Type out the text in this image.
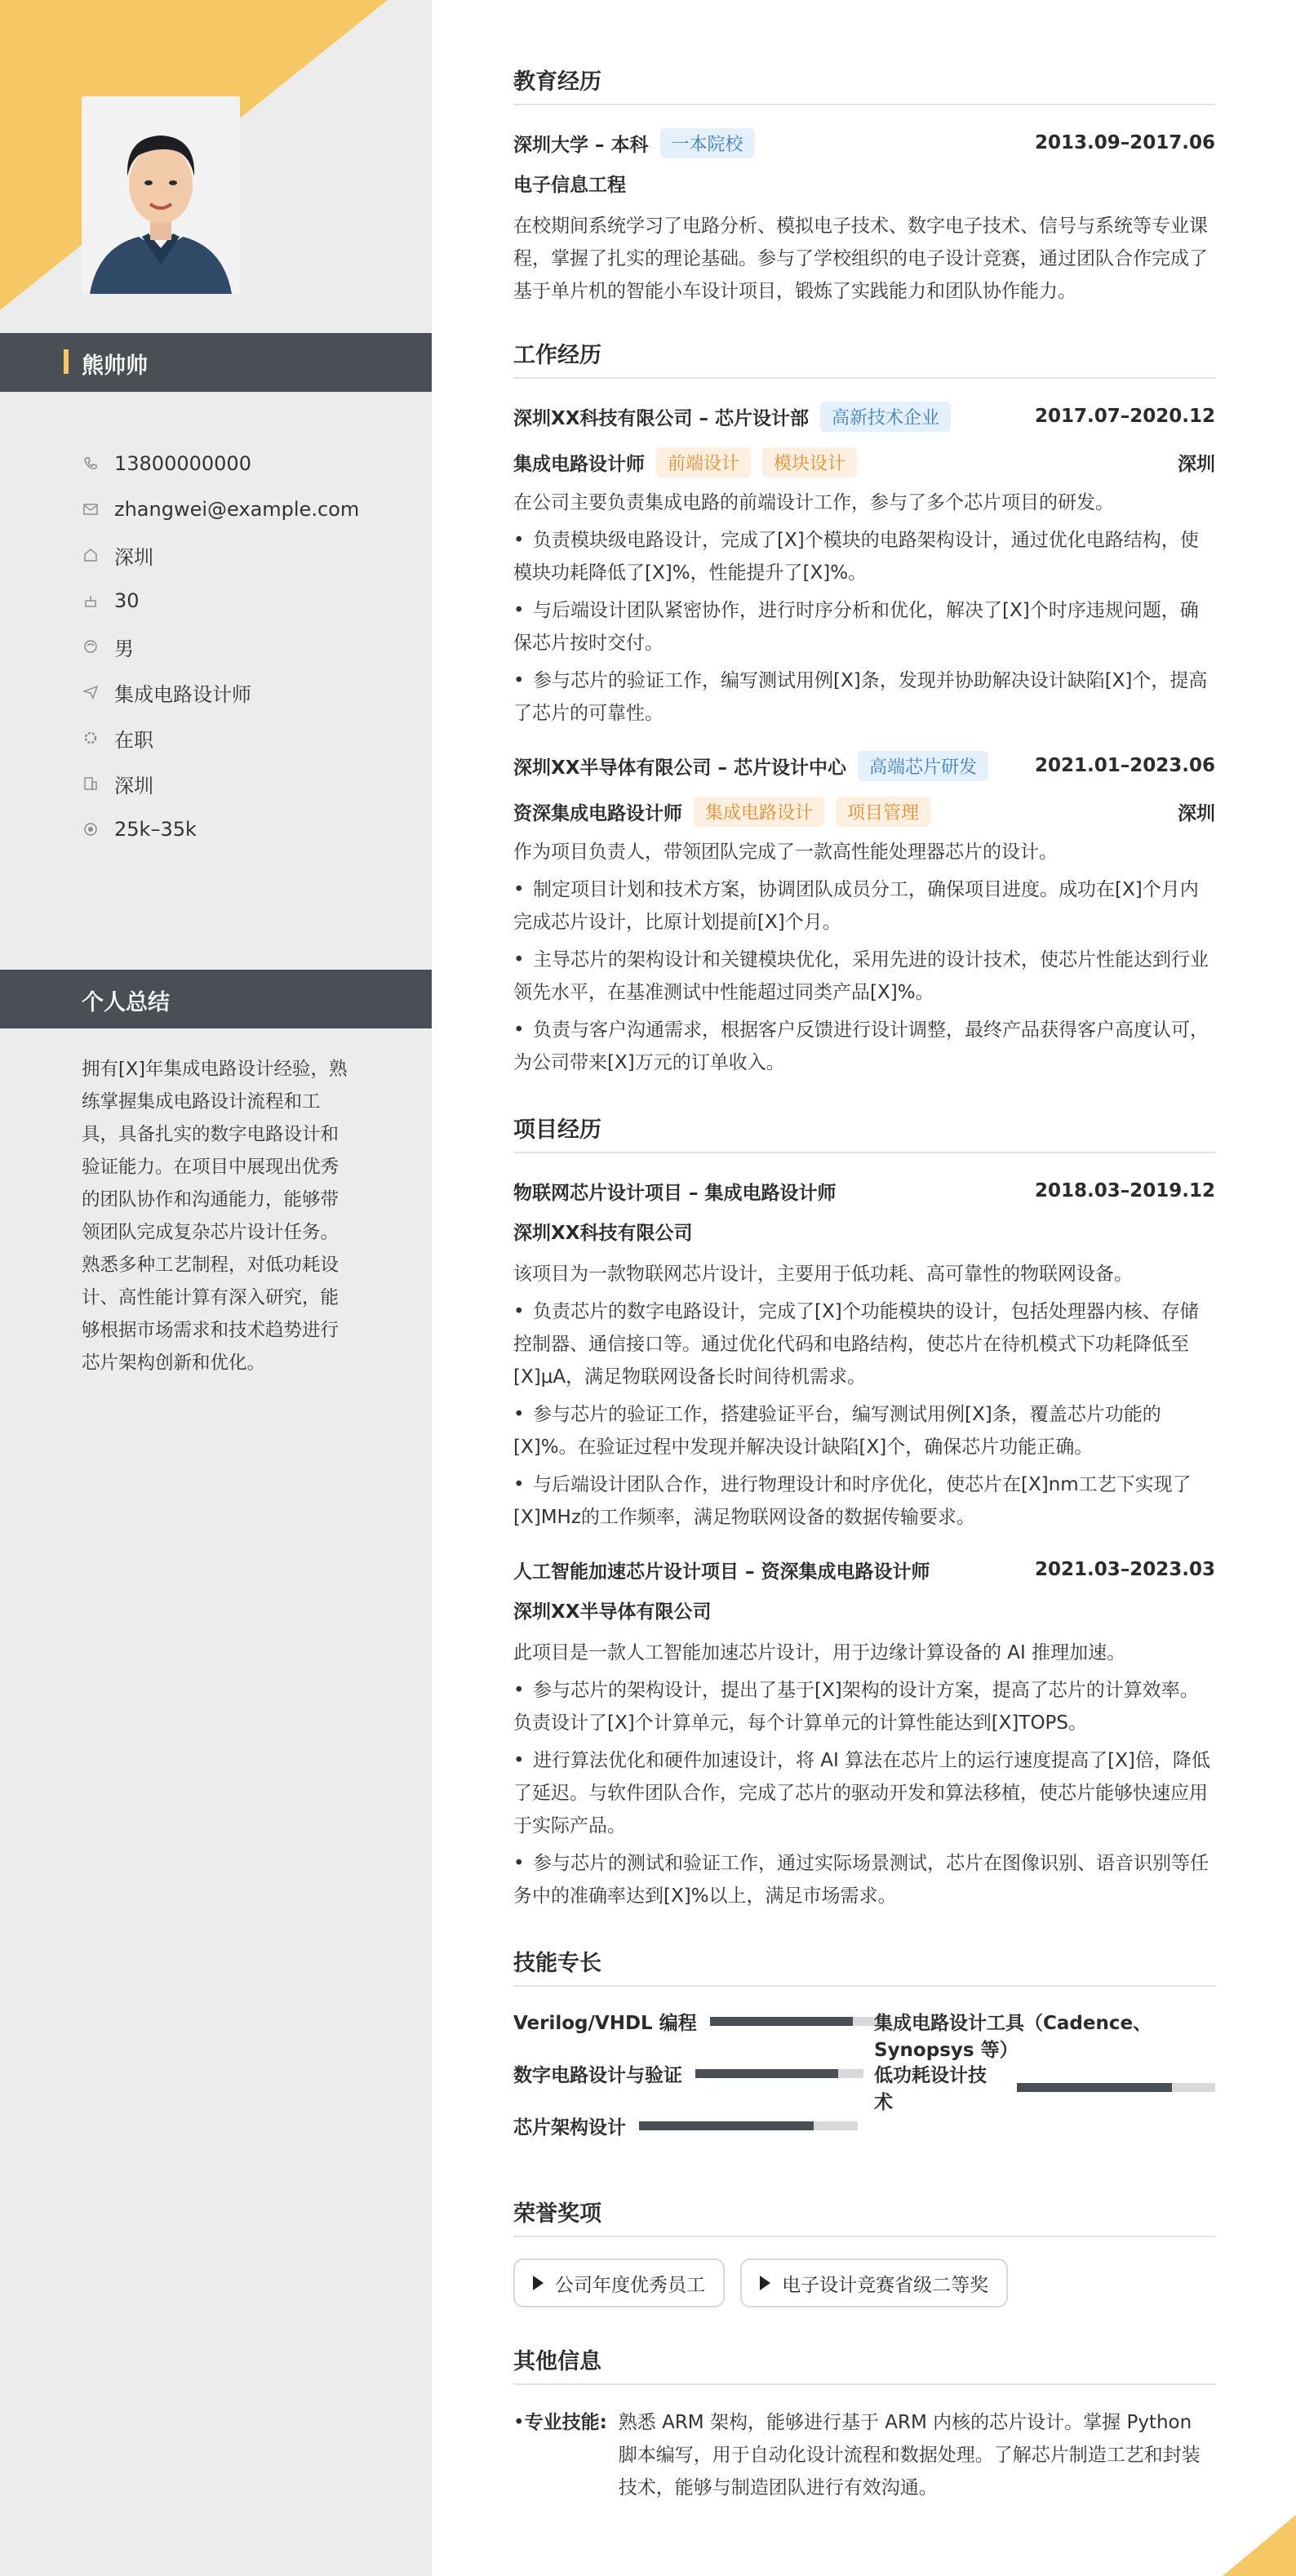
熊帅帅
13800000000
zhangwei@example.com
深圳
30
男
集成电路设计师
在职
深圳
25k–35k
个人总结
拥有[X]年集成电路设计经验，熟练掌握集成电路设计流程和工具，具备扎实的数字电路设计和验证能力。在项目中展现出优秀的团队协作和沟通能力，能够带领团队完成复杂芯片设计任务。熟悉多种工艺制程，对低功耗设计、高性能计算有深入研究，能够根据市场需求和技术趋势进行芯片架构创新和优化。
教育经历
深圳大学 – 本科	一本院校	2013.09–2017.06
电子信息工程
在校期间系统学习了电路分析、模拟电子技术、数字电子技术、信号与系统等专业课程，掌握了扎实的理论基础。参与了学校组织的电子设计竞赛，通过团队合作完成了基于单片机的智能小车设计项目，锻炼了实践能力和团队协作能力。
工作经历
深圳XX科技有限公司 – 芯片设计部	高新技术企业	2017.07–2020.12
集成电路设计师	前端设计	模块设计	深圳
在公司主要负责集成电路的前端设计工作，参与了多个芯片项目的研发。
• 负责模块级电路设计，完成了[X]个模块的电路架构设计，通过优化电路结构，使模块功耗降低了[X]%，性能提升了[X]%。
• 与后端设计团队紧密协作，进行时序分析和优化，解决了[X]个时序违规问题，确保芯片按时交付。
• 参与芯片的验证工作，编写测试用例[X]条，发现并协助解决设计缺陷[X]个，提高了芯片的可靠性。
深圳XX半导体有限公司 – 芯片设计中心	高端芯片研发	2021.01–2023.06
资深集成电路设计师	集成电路设计	项目管理	深圳
作为项目负责人，带领团队完成了一款高性能处理器芯片的设计。
• 制定项目计划和技术方案，协调团队成员分工，确保项目进度。成功在[X]个月内完成芯片设计，比原计划提前[X]个月。
• 主导芯片的架构设计和关键模块优化，采用先进的设计技术，使芯片性能达到行业领先水平，在基准测试中性能超过同类产品[X]%。
• 负责与客户沟通需求，根据客户反馈进行设计调整，最终产品获得客户高度认可，为公司带来[X]万元的订单收入。
项目经历
物联网芯片设计项目 – 集成电路设计师	2018.03–2019.12
深圳XX科技有限公司
该项目为一款物联网芯片设计，主要用于低功耗、高可靠性的物联网设备。
• 负责芯片的数字电路设计，完成了[X]个功能模块的设计，包括处理器内核、存储控制器、通信接口等。通过优化代码和电路结构，使芯片在待机模式下功耗降低至[X]μA，满足物联网设备长时间待机需求。
• 参与芯片的验证工作，搭建验证平台，编写测试用例[X]条，覆盖芯片功能的[X]%。在验证过程中发现并解决设计缺陷[X]个，确保芯片功能正确。
• 与后端设计团队合作，进行物理设计和时序优化，使芯片在[X]nm工艺下实现了[X]MHz的工作频率，满足物联网设备的数据传输要求。
人工智能加速芯片设计项目 – 资深集成电路设计师	2021.03–2023.03
深圳XX半导体有限公司
此项目是一款人工智能加速芯片设计，用于边缘计算设备的 AI 推理加速。
• 参与芯片的架构设计，提出了基于[X]架构的设计方案，提高了芯片的计算效率。负责设计了[X]个计算单元，每个计算单元的计算性能达到[X]TOPS。
• 进行算法优化和硬件加速设计，将 AI 算法在芯片上的运行速度提高了[X]倍，降低了延迟。与软件团队合作，完成了芯片的驱动开发和算法移植，使芯片能够快速应用于实际产品。
• 参与芯片的测试和验证工作，通过实际场景测试，芯片在图像识别、语音识别等任务中的准确率达到[X]%以上，满足市场需求。
技能专长
Verilog/VHDL 编程	集成电路设计工具（Cadence、Synopsys 等）
数字电路设计与验证	低功耗设计技术
芯片架构设计
荣誉奖项
公司年度优秀员工
	电子设计竞赛省级二等奖
其他信息
• 专业技能: 熟悉 ARM 架构，能够进行基于 ARM 内核的芯片设计。掌握 Python 脚本编写，用于自动化设计流程和数据处理。了解芯片制造工艺和封装技术，能够与制造团队进行有效沟通。
